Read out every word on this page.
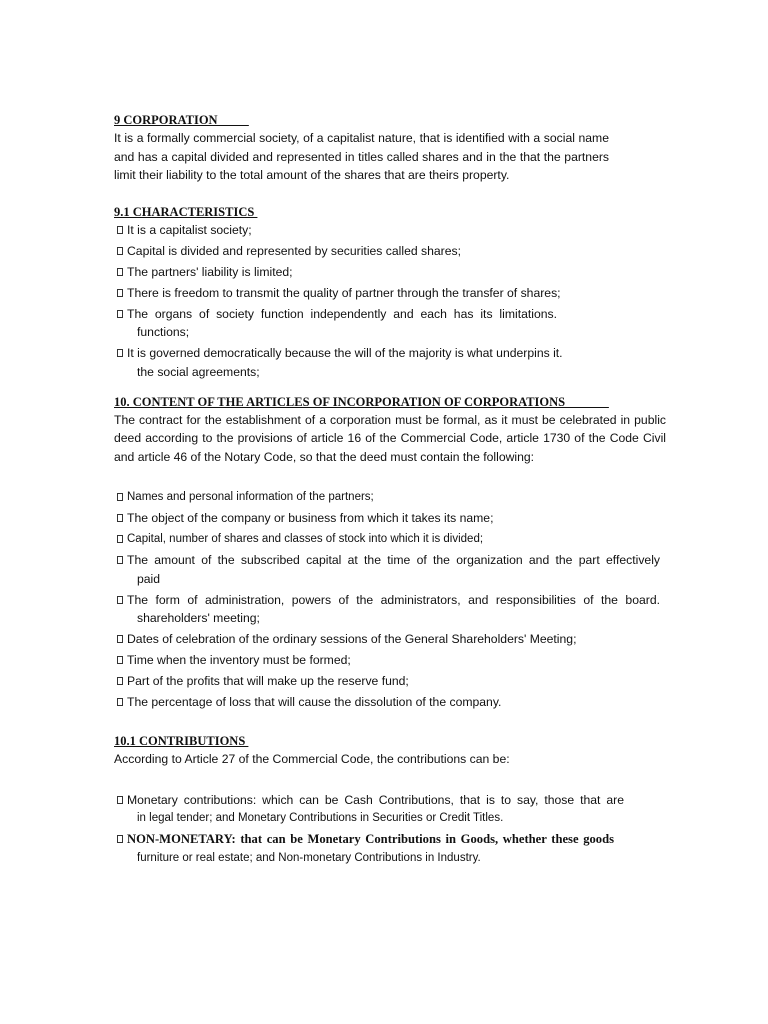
9 CORPORATION

It is a formally commercial society, of a capitalist nature, that is identified with a social name and has a capital divided and represented in titles called shares and in the that the partners limit their liability to the total amount of the shares that are theirs property.

9.1 CHARACTERISTICS
It is a capitalist society;
Capital is divided and represented by securities called shares;
The partners' liability is limited;
There is freedom to transmit the quality of partner through the transfer of shares;
The organs of society function independently and each has its limitations.
functions;
It is governed democratically because the will of the majority is what underpins it.
the social agreements;
10. CONTENT OF THE ARTICLES OF INCORPORATION OF CORPORATIONS

The contract for the establishment of a corporation must be formal, as it must be celebrated in public deed according to the provisions of article 16 of the Commercial Code, article 1730 of the Code Civil and article 46 of the Notary Code, so that the deed must contain the following:

Names and personal information of the partners;
The object of the company or business from which it takes its name;
Capital, number of shares and classes of stock into which it is divided;
The amount of the subscribed capital at the time of the organization and the part effectively
paid
The form of administration, powers of the administrators, and responsibilities of the board.
shareholders' meeting;
Dates of celebration of the ordinary sessions of the General Shareholders' Meeting;
Time when the inventory must be formed;
Part of the profits that will make up the reserve fund;
The percentage of loss that will cause the dissolution of the company.
10.1 CONTRIBUTIONS

According to Article 27 of the Commercial Code, the contributions can be:

Monetary contributions: which can be Cash Contributions, that is to say, those that are
in legal tender; and Monetary Contributions in Securities or Credit Titles.
NON-MONETARY: that can be Monetary Contributions in Goods, whether these goods
furniture or real estate; and Non-monetary Contributions in Industry.
